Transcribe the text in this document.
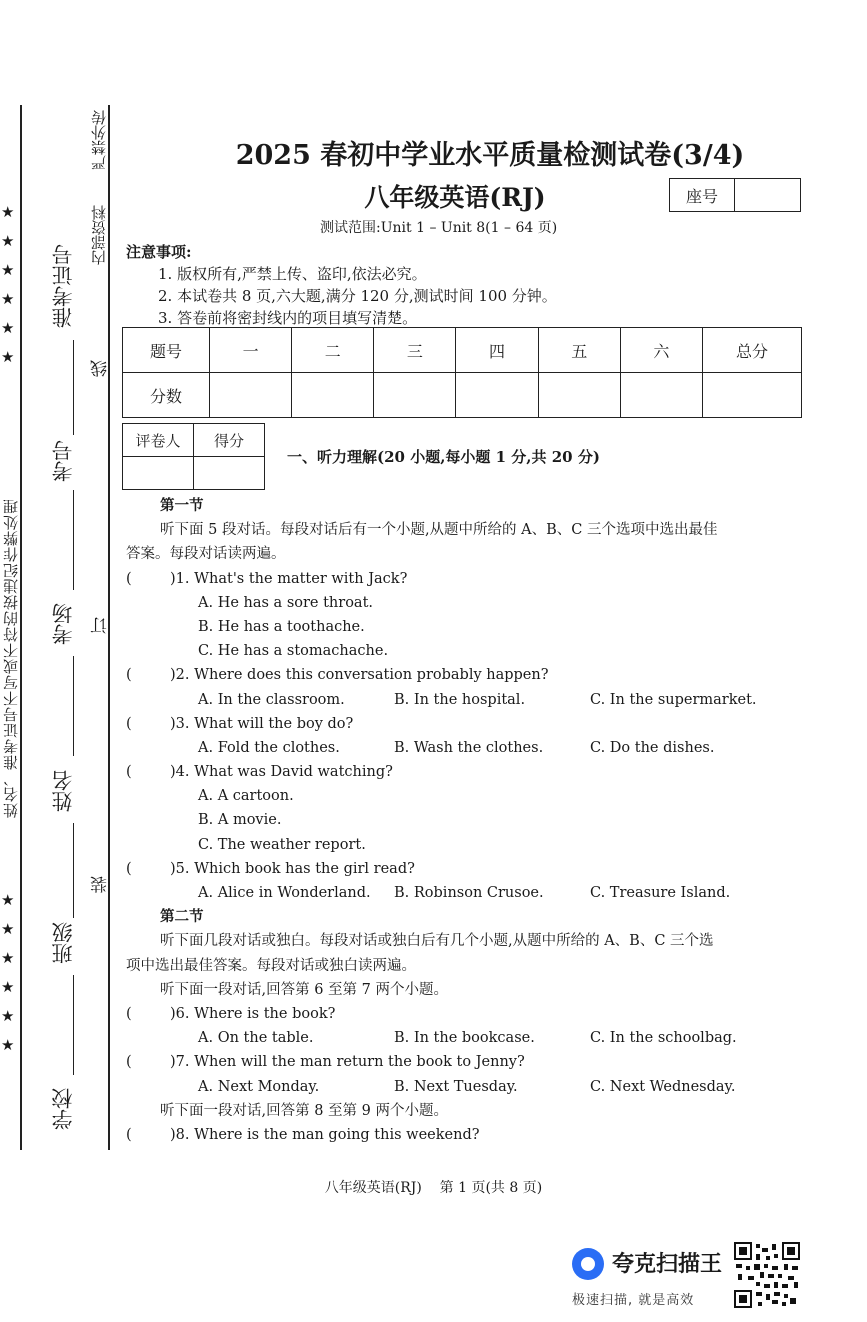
★
★
★
★
★
★
★
★
★
★
★
★
姓名、准考证号不写或不符的按违纪作弊处理
准考证号
考号
考场
姓名
班级
学校
严禁外传
内部资料
线
订
装
2025 春初中学业水平质量检测试卷(3/4)
八年级英语(RJ)	座号
测试范围:Unit 1 – Unit 8(1 – 64 页)
注意事项:
1. 版权所有,严禁上传、盗印,依法必究。
2. 本试卷共 8 页,六大题,满分 120 分,测试时间 100 分钟。
3. 答卷前将密封线内的项目填写清楚。
题号	一	二	三	四	五	六	总分
分数							
评卷人	得分

一、听力理解(20 小题,每小题 1 分,共 20 分)
第一节
听下面 5 段对话。每段对话后有一个小题,从题中所给的 A、B、C 三个选项中选出最佳
答案。每段对话读两遍。
(	)1. What's the matter with Jack?
A. He has a sore throat.
B. He has a toothache.
C. He has a stomachache.
(	)2. Where does this conversation probably happen?
A. In the classroom.	B. In the hospital.	C. In the supermarket.
(	)3. What will the boy do?
A. Fold the clothes.	B. Wash the clothes.	C. Do the dishes.
(	)4. What was David watching?
A. A cartoon.
B. A movie.
C. The weather report.
(	)5. Which book has the girl read?
A. Alice in Wonderland. B. Robinson Crusoe.	C. Treasure Island.
第二节
听下面几段对话或独白。每段对话或独白后有几个小题,从题中所给的 A、B、C 三个选
项中选出最佳答案。每段对话或独白读两遍。
听下面一段对话,回答第 6 至第 7 两个小题。
(	)6. Where is the book?
A. On the table.	B. In the bookcase.	C. In the schoolbag.
(	)7. When will the man return the book to Jenny?
A. Next Monday.	B. Next Tuesday.	C. Next Wednesday.
听下面一段对话,回答第 8 至第 9 两个小题。
(	)8. Where is the man going this weekend?
八年级英语(RJ)    第 1 页(共 8 页)
夸克扫描王
极速扫描, 就是高效
